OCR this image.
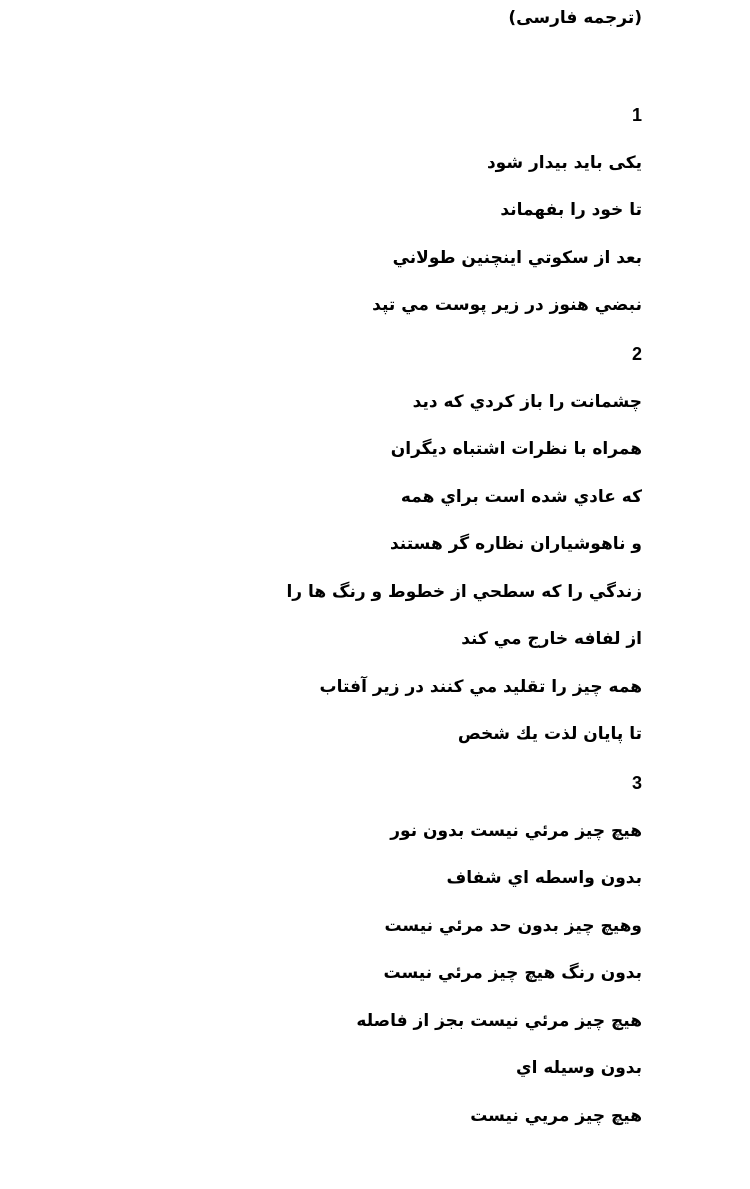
(ترجمه فارسی)

1

یکی باید بیدار شود

تا خود را بفهماند

بعد از سکوتي اينچنین طولاني

نبضي هنوز در زير پوست مي تپد

2

چشمانت را باز كردي كه ديد

همراه با نظرات اشتباه ديگران

كه عادي شده است براي همه

و ناهوشياران نظاره گر هستند

زندگي را كه سطحي از خطوط و رنگ ها را

از لفافه خارج مي كند

همه چيز را تقليد مي كنند در زير آفتاب

تا پايان لذت يك شخص

3

هيچ چيز مرئي نيست بدون نور

بدون واسطه اي شفاف

وهيچ چيز بدون حد مرئي نيست

بدون رنگ هيچ چيز مرئي نيست

هيچ چيز مرئي نيست بجز از فاصله

بدون وسيله اي

هيچ چيز مريي نيست
